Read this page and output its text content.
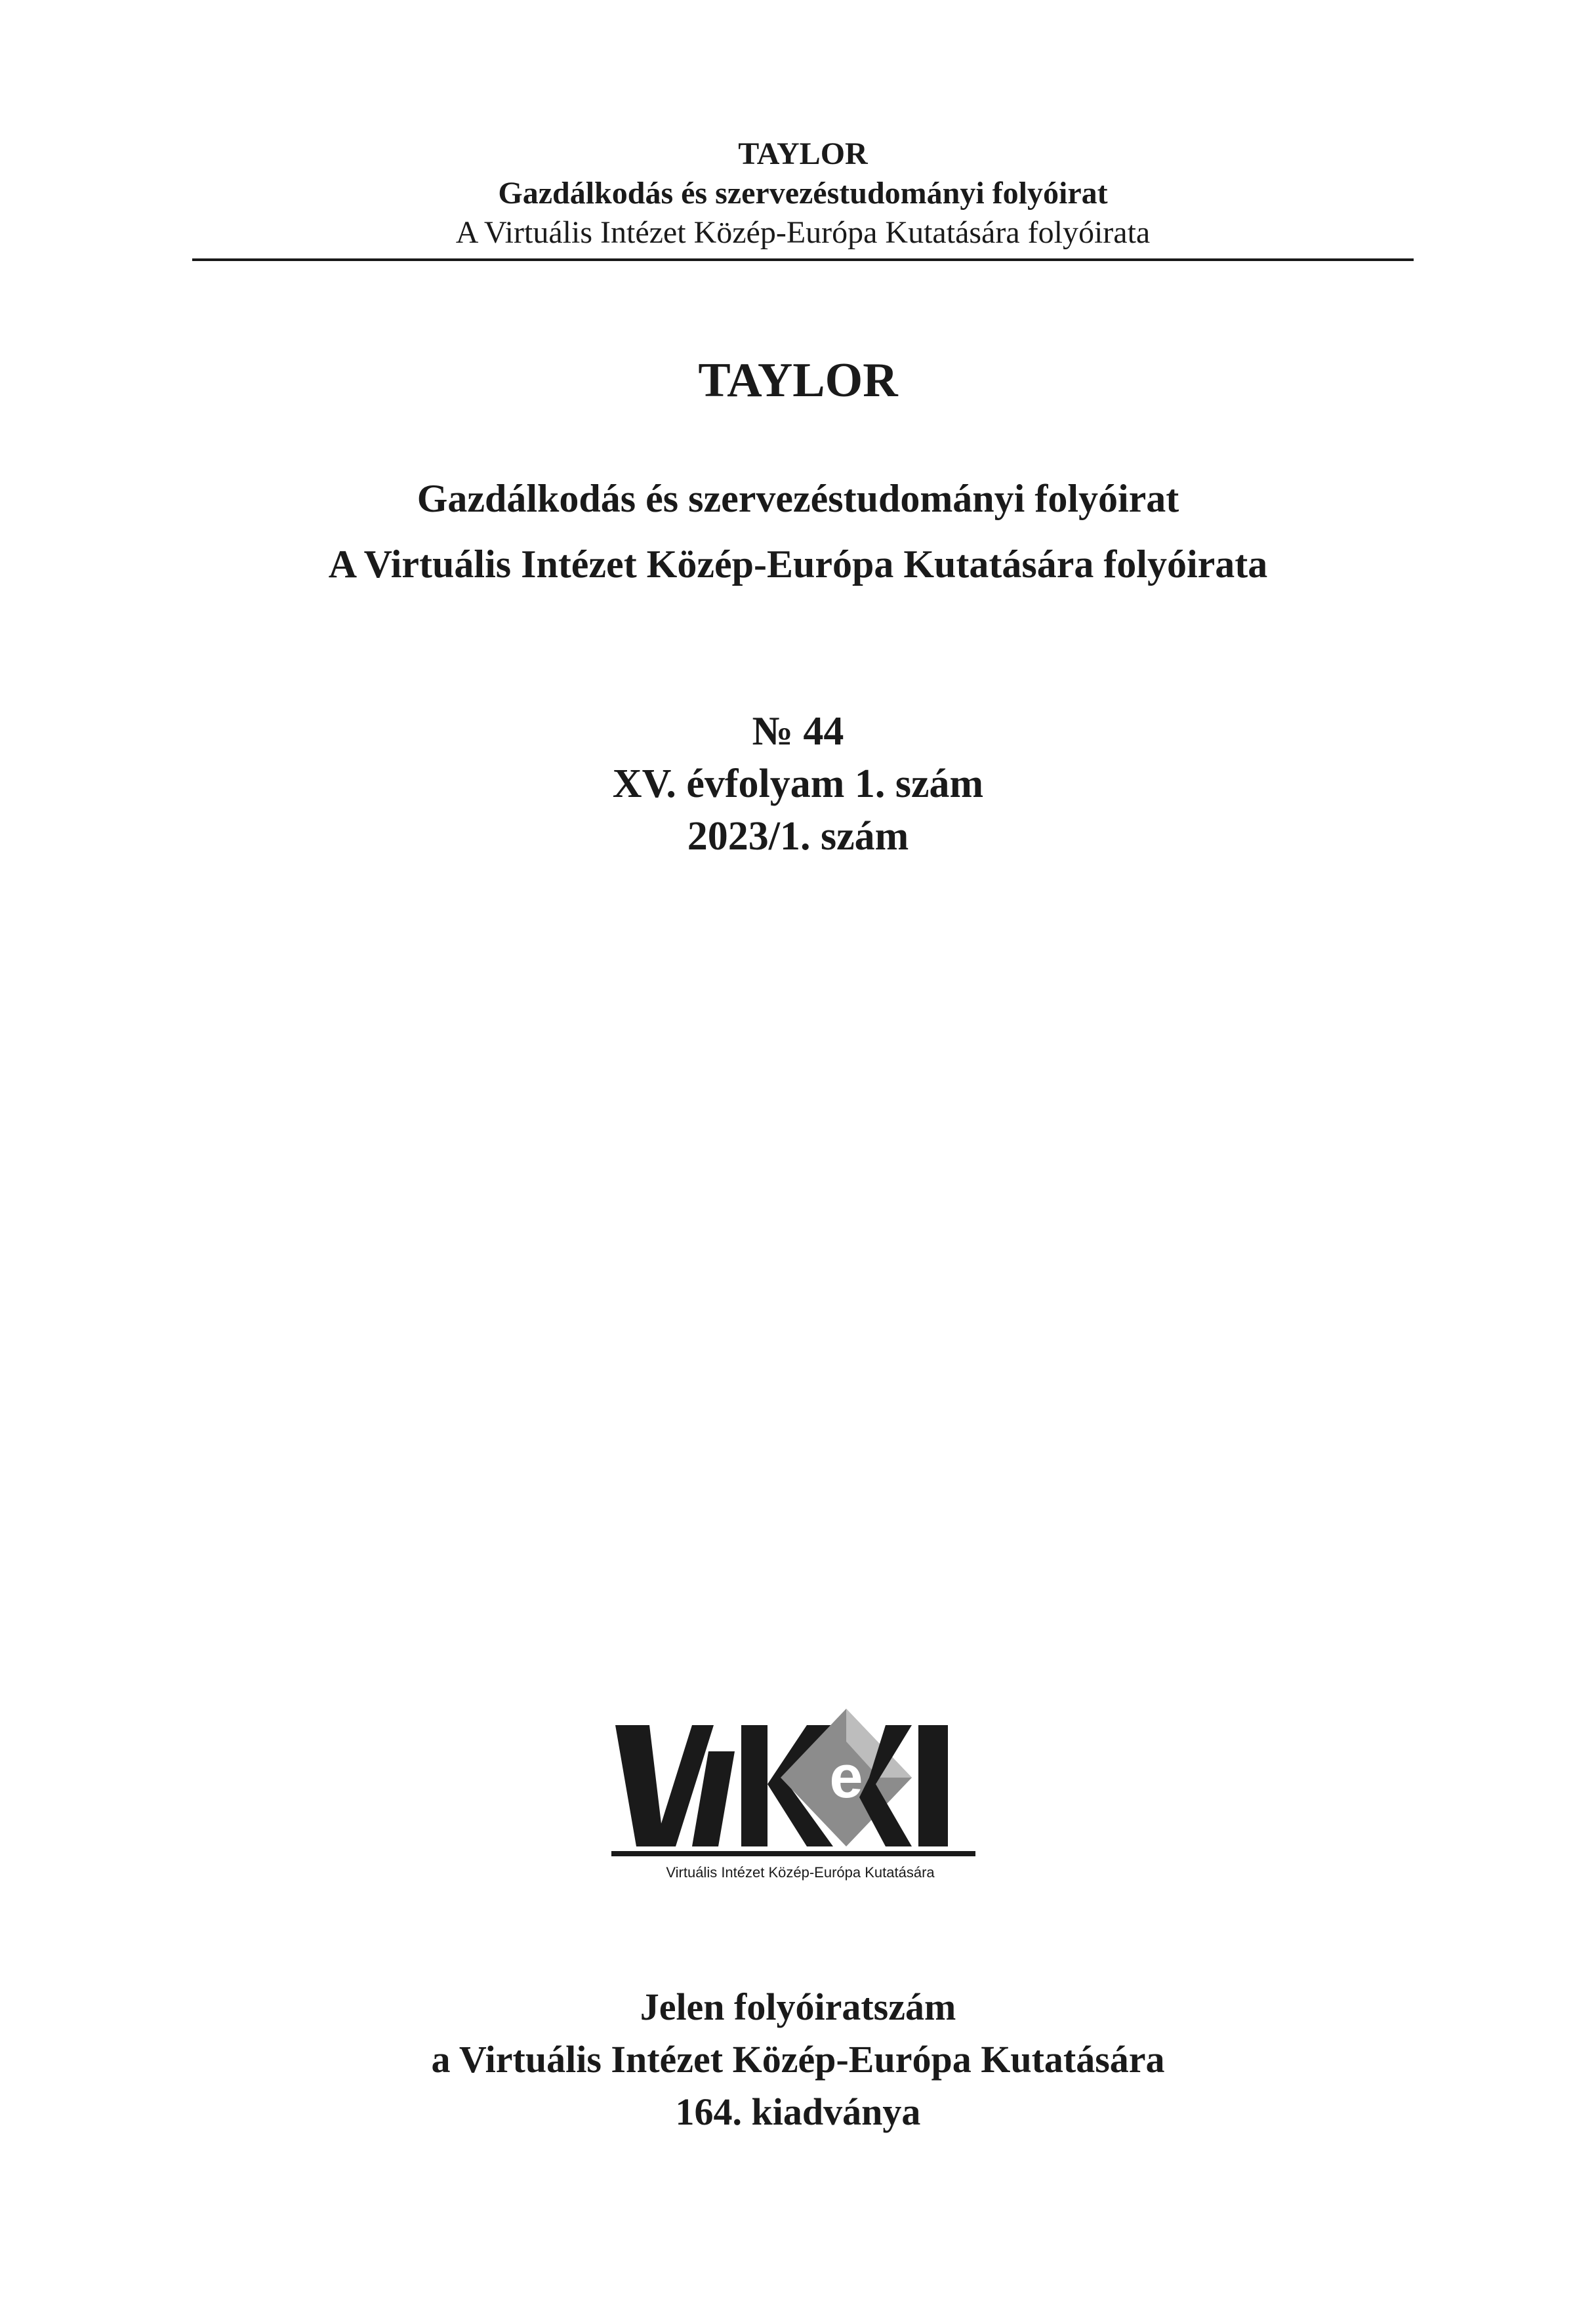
TAYLOR
Gazdálkodás és szervezéstudományi folyóirat
A Virtuális Intézet Közép-Európa Kutatására folyóirata
TAYLOR
Gazdálkodás és szervezéstudományi folyóirat
A Virtuális Intézet Közép-Európa Kutatására folyóirata
№ 44
XV. évfolyam 1. szám
2023/1. szám
e
Virtuális Intézet Közép-Európa Kutatására
Jelen folyóiratszám
a Virtuális Intézet Közép-Európa Kutatására
164. kiadványa
